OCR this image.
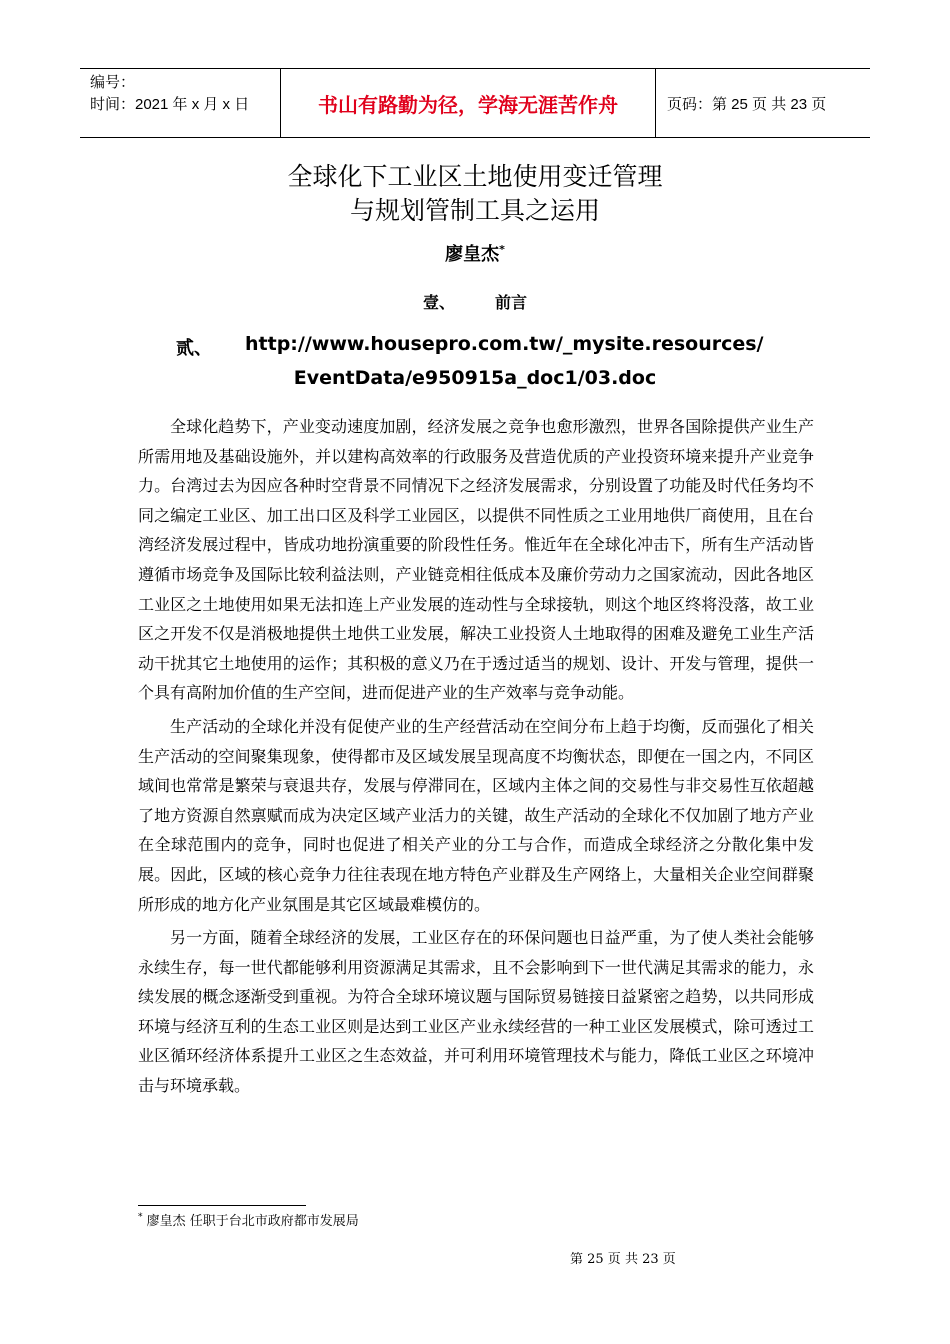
编号：
时间：2021 年 x 月 x 日	书山有路勤为径，学海无涯苦作舟	页码：第 25 页 共 23 页
全球化下工业区土地使用变迁管理
与规划管制工具之运用
廖皇杰*
壹、	前言
贰、 http://www.housepro.com.tw/_mysite.resources/
EventData/e950915a_doc1/03.doc

全球化趋势下，产业变动速度加剧，经济发展之竞争也愈形激烈，世界各国除提供产业生产所需用地及基础设施外，并以建构高效率的行政服务及营造优质的产业投资环境来提升产业竞争力。台湾过去为因应各种时空背景不同情况下之经济发展需求，分别设置了功能及时代任务均不同之编定工业区、加工出口区及科学工业园区，以提供不同性质之工业用地供厂商使用，且在台湾经济发展过程中，皆成功地扮演重要的阶段性任务。惟近年在全球化冲击下，所有生产活动皆遵循市场竞争及国际比较利益法则，产业链竞相往低成本及廉价劳动力之国家流动，因此各地区工业区之土地使用如果无法扣连上产业发展的连动性与全球接轨，则这个地区终将没落，故工业区之开发不仅是消极地提供土地供工业发展，解决工业投资人土地取得的困难及避免工业生产活动干扰其它土地使用的运作；其积极的意义乃在于透过适当的规划、设计、开发与管理，提供一个具有高附加价值的生产空间，进而促进产业的生产效率与竞争动能。

生产活动的全球化并没有促使产业的生产经营活动在空间分布上趋于均衡，反而强化了相关生产活动的空间聚集现象，使得都市及区域发展呈现高度不均衡状态，即便在一国之内，不同区域间也常常是繁荣与衰退共存，发展与停滞同在，区域内主体之间的交易性与非交易性互依超越了地方资源自然禀赋而成为决定区域产业活力的关键，故生产活动的全球化不仅加剧了地方产业在全球范围内的竞争，同时也促进了相关产业的分工与合作，而造成全球经济之分散化集中发展。因此，区域的核心竞争力往往表现在地方特色产业群及生产网络上，大量相关企业空间群聚所形成的地方化产业氛围是其它区域最难模仿的。

另一方面，随着全球经济的发展，工业区存在的环保问题也日益严重，为了使人类社会能够永续生存，每一世代都能够利用资源满足其需求，且不会影响到下一世代满足其需求的能力，永续发展的概念逐渐受到重视。为符合全球环境议题与国际贸易链接日益紧密之趋势，以共同形成环境与经济互利的生态工业区则是达到工业区产业永续经营的一种工业区发展模式，除可透过工业区循环经济体系提升工业区之生态效益，并可利用环境管理技术与能力，降低工业区之环境冲击与环境承载。

* 廖皇杰 任职于台北市政府都市发展局
第 25 页 共 23 页
